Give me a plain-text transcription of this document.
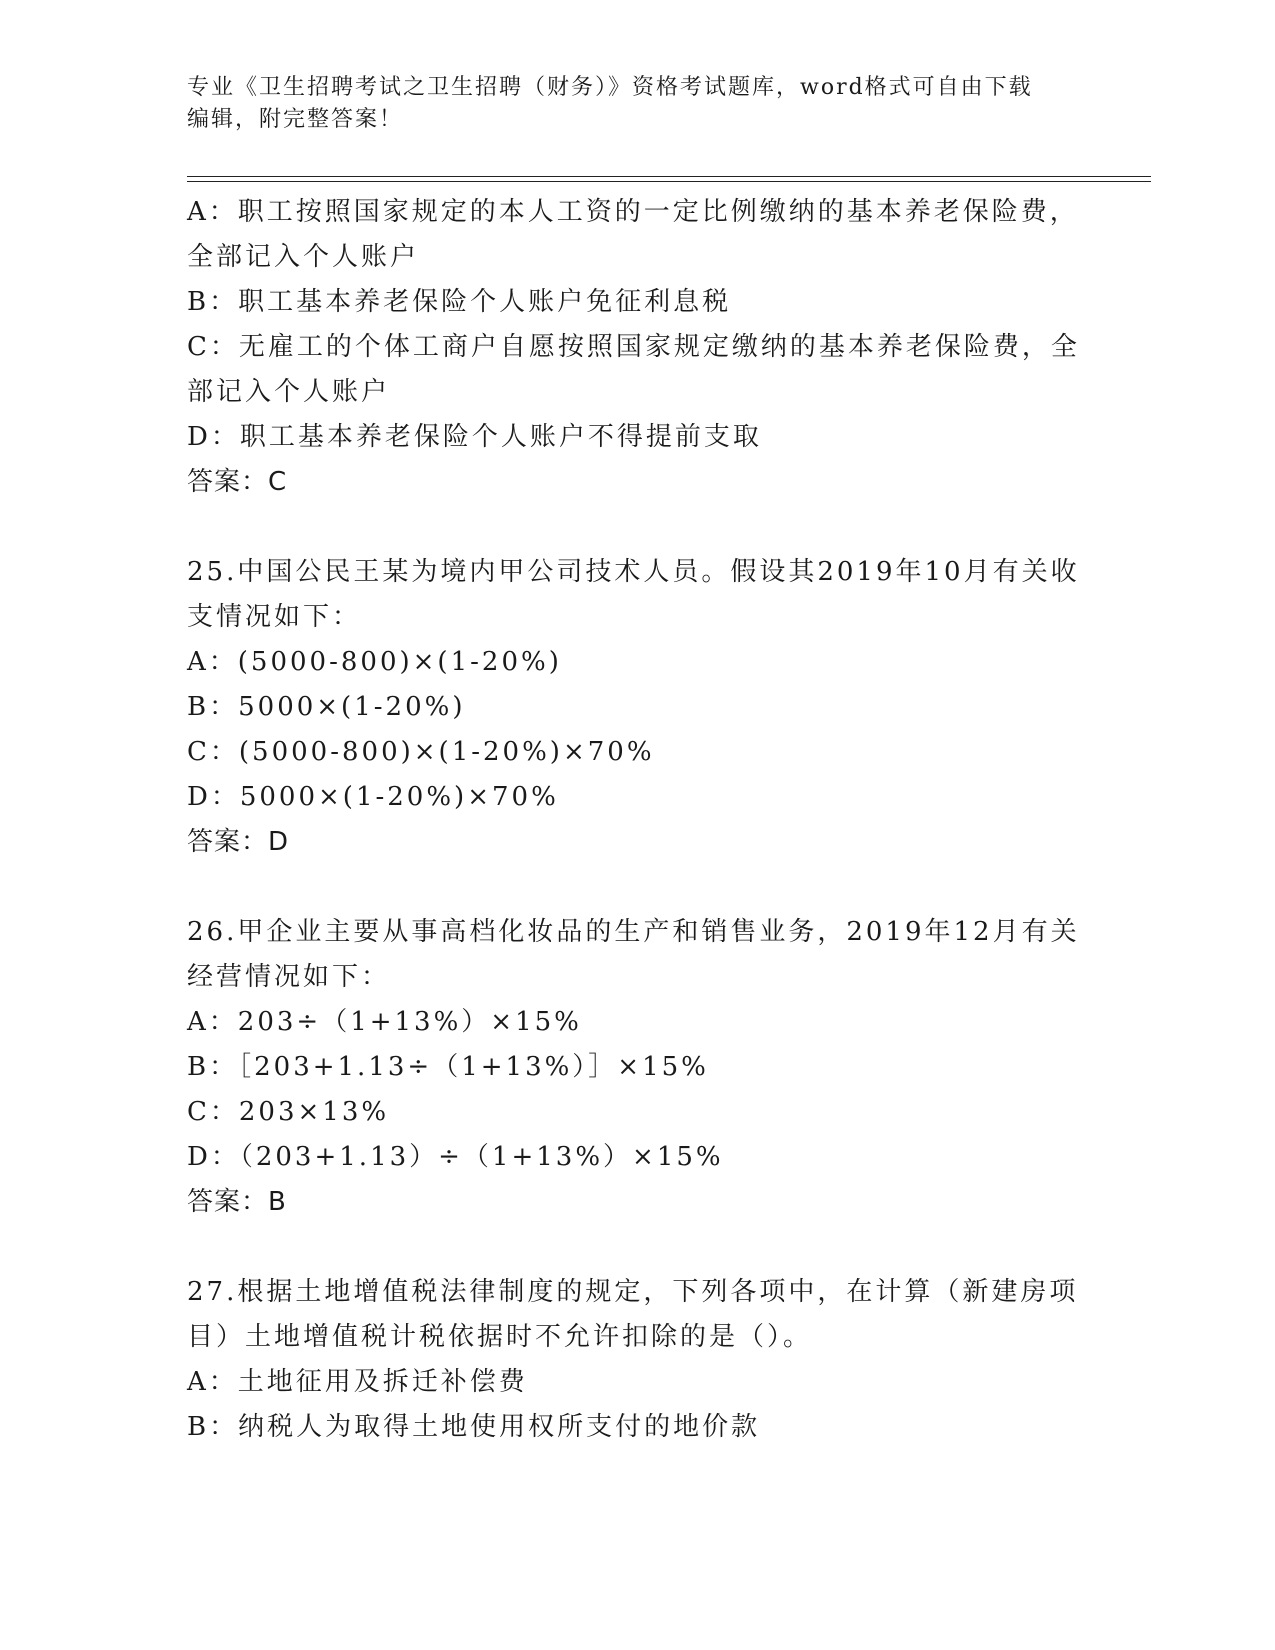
专业《卫生招聘考试之卫生招聘（财务）》资格考试题库，word格式可自由下载
编辑，附完整答案！
A：职工按照国家规定的本人工资的一定比例缴纳的基本养老保险费，
全部记入个人账户
B：职工基本养老保险个人账户免征利息税
C：无雇工的个体工商户自愿按照国家规定缴纳的基本养老保险费，全
部记入个人账户
D：职工基本养老保险个人账户不得提前支取
答案：C
25.中国公民王某为境内甲公司技术人员。假设其2019年10月有关收
支情况如下：
A：(5000-800)×(1-20%)
B：5000×(1-20%)
C：(5000-800)×(1-20%)×70%
D：5000×(1-20%)×70%
答案：D
26.甲企业主要从事高档化妆品的生产和销售业务，2019年12月有关
经营情况如下：
A：203÷（1+13%）×15%
B：［203+1.13÷（1+13%）］×15%
C：203×13%
D：（203+1.13）÷（1+13%）×15%
答案：B
27.根据土地增值税法律制度的规定，下列各项中，在计算（新建房项
目）土地增值税计税依据时不允许扣除的是（）。
A：土地征用及拆迁补偿费
B：纳税人为取得土地使用权所支付的地价款
